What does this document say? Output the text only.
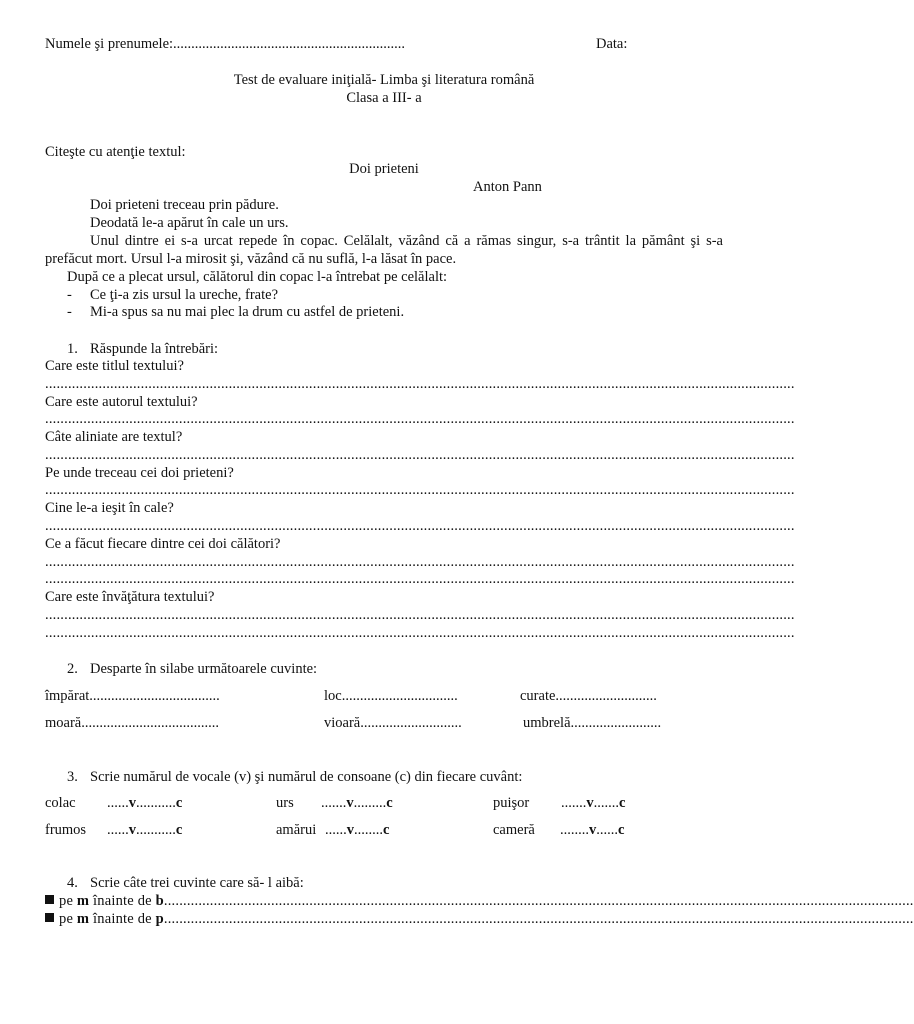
Numele şi prenumele:................................................................	Data:
Test de evaluare iniţială- Limba şi literatura română
Clasa a III- a
Citeşte cu atenţie textul:
Doi prieteni
Anton Pann
Doi prieteni treceau prin pădure.
Deodată le-a apărut în cale un urs.
Unul dintre ei s-a urcat repede în copac. Celălalt, văzând că a rămas singur, s-a trântit la pământ şi s-a prefăcut mort. Ursul l-a mirosit şi, văzând că nu suflă, l-a lăsat în pace.
După ce a plecat ursul, călătorul din copac l-a întrebat pe celălalt:
- Ce ţi-a zis ursul la ureche, frate?
- Mi-a spus sa nu mai plec la drum cu astfel de prieteni.
1. Răspunde la întrebări:
Care este titlul textului?
....................................................................................................................................................................................................
Care este autorul textului?
....................................................................................................................................................................................................
Câte aliniate are textul?
....................................................................................................................................................................................................
Pe unde treceau cei doi prieteni?
....................................................................................................................................................................................................
Cine le-a ieşit în cale?
....................................................................................................................................................................................................
Ce a făcut fiecare dintre cei doi călători?
....................................................................................................................................................................................................
....................................................................................................................................................................................................
Care este învăţătura textului?
....................................................................................................................................................................................................
....................................................................................................................................................................................................
2. Desparte în silabe următoarele cuvinte:
împărat....................................	loc................................	curate............................
moară......................................	vioară............................	umbrelă.........................
3. Scrie numărul de vocale (v) şi numărul de consoane (c) din fiecare cuvânt:
colac ......v...........c	urs .......v.........c	puişor .......v.......c
frumos ......v...........c	amărui ......v........c	cameră ........v......c
4. Scrie câte trei cuvinte care să- l aibă:
pe m înainte de b....................................................................................................................................................................................................
pe m înainte de p....................................................................................................................................................................................................
